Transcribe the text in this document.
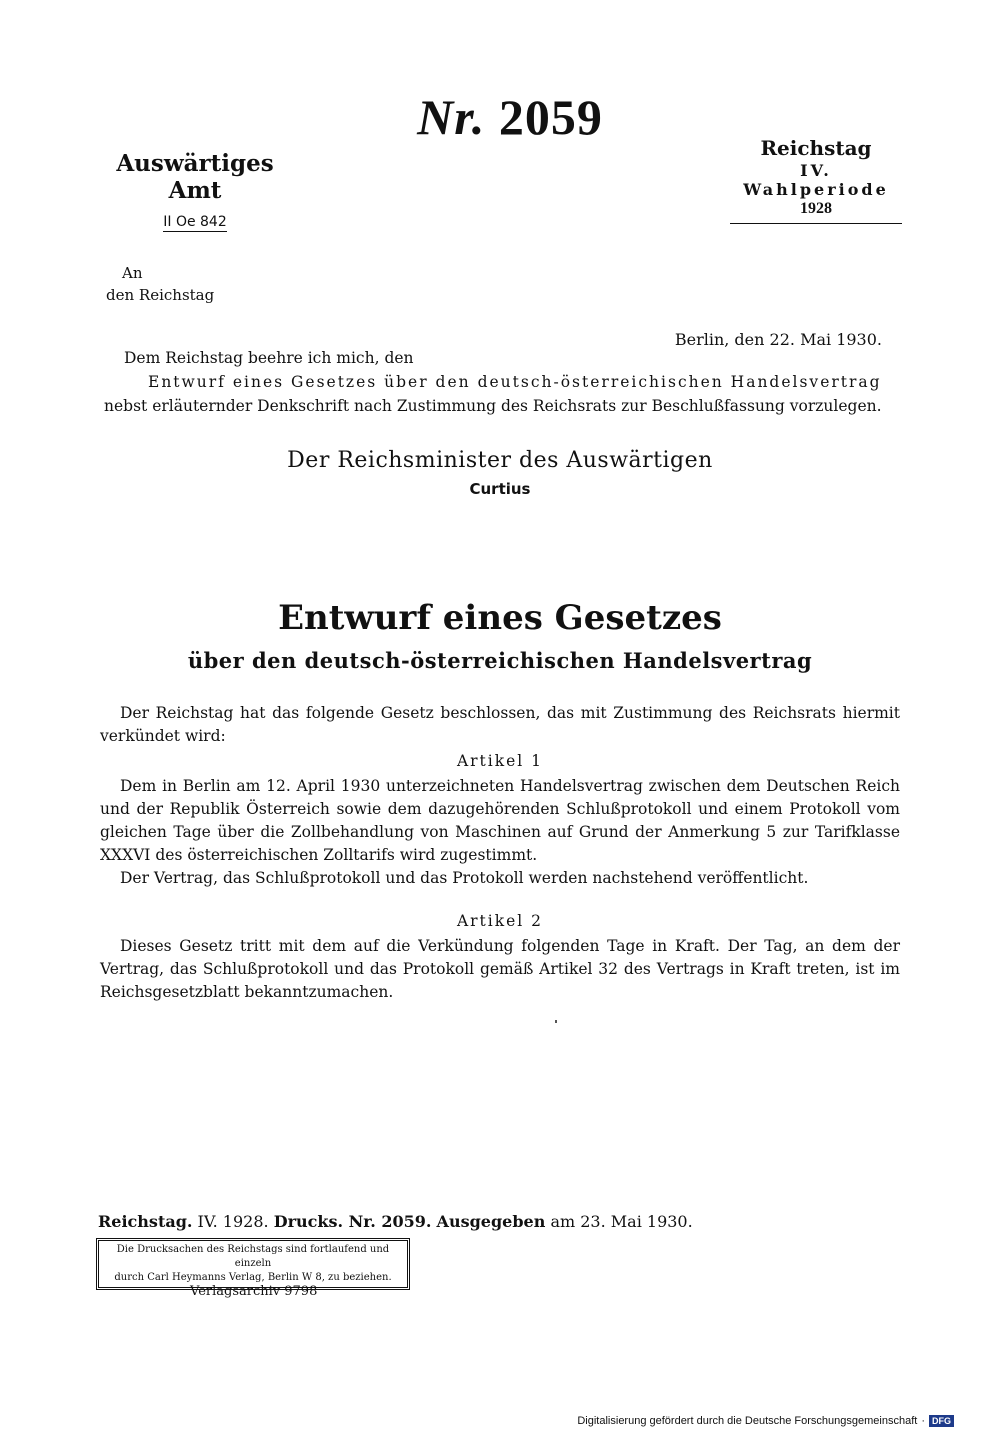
Nr. 2059
Auswärtiges Amt
II Oe 842
Reichstag
IV. Wahlperiode
1928
An
den Reichstag
Berlin, den 22. Mai 1930.
Dem Reichstag beehre ich mich, den
Entwurf eines Gesetzes über den deutsch-österreichischen Handelsvertrag
nebst erläuternder Denkschrift nach Zustimmung des Reichsrats zur Beschlußfassung vorzulegen.
Der Reichsminister des Auswärtigen
Curtius
Entwurf eines Gesetzes
über den deutsch-österreichischen Handelsvertrag

Der Reichstag hat das folgende Gesetz beschlossen, das mit Zustimmung des Reichsrats hiermit verkündet wird:

Artikel 1

Dem in Berlin am 12. April 1930 unterzeichneten Handelsvertrag zwischen dem Deutschen Reich und der Republik Österreich sowie dem dazugehörenden Schlußprotokoll und einem Protokoll vom gleichen Tage über die Zollbehandlung von Maschinen auf Grund der Anmerkung 5 zur Tarifklasse XXXVI des österreichischen Zolltarifs wird zugestimmt.

Der Vertrag, das Schlußprotokoll und das Protokoll werden nachstehend veröffentlicht.

Artikel 2

Dieses Gesetz tritt mit dem auf die Verkündung folgenden Tage in Kraft. Der Tag, an dem der Vertrag, das Schlußprotokoll und das Protokoll gemäß Artikel 32 des Vertrags in Kraft treten, ist im Reichsgesetzblatt bekanntzumachen.

Reichstag. IV. 1928. Drucks. Nr. 2059. Ausgegeben am 23. Mai 1930.
Die Drucksachen des Reichstags sind fortlaufend und einzeln
durch Carl Heymanns Verlag, Berlin W 8, zu beziehen.
Verlagsarchiv 9798
Digitalisierung gefördert durch die Deutsche Forschungsgemeinschaft · DFG
